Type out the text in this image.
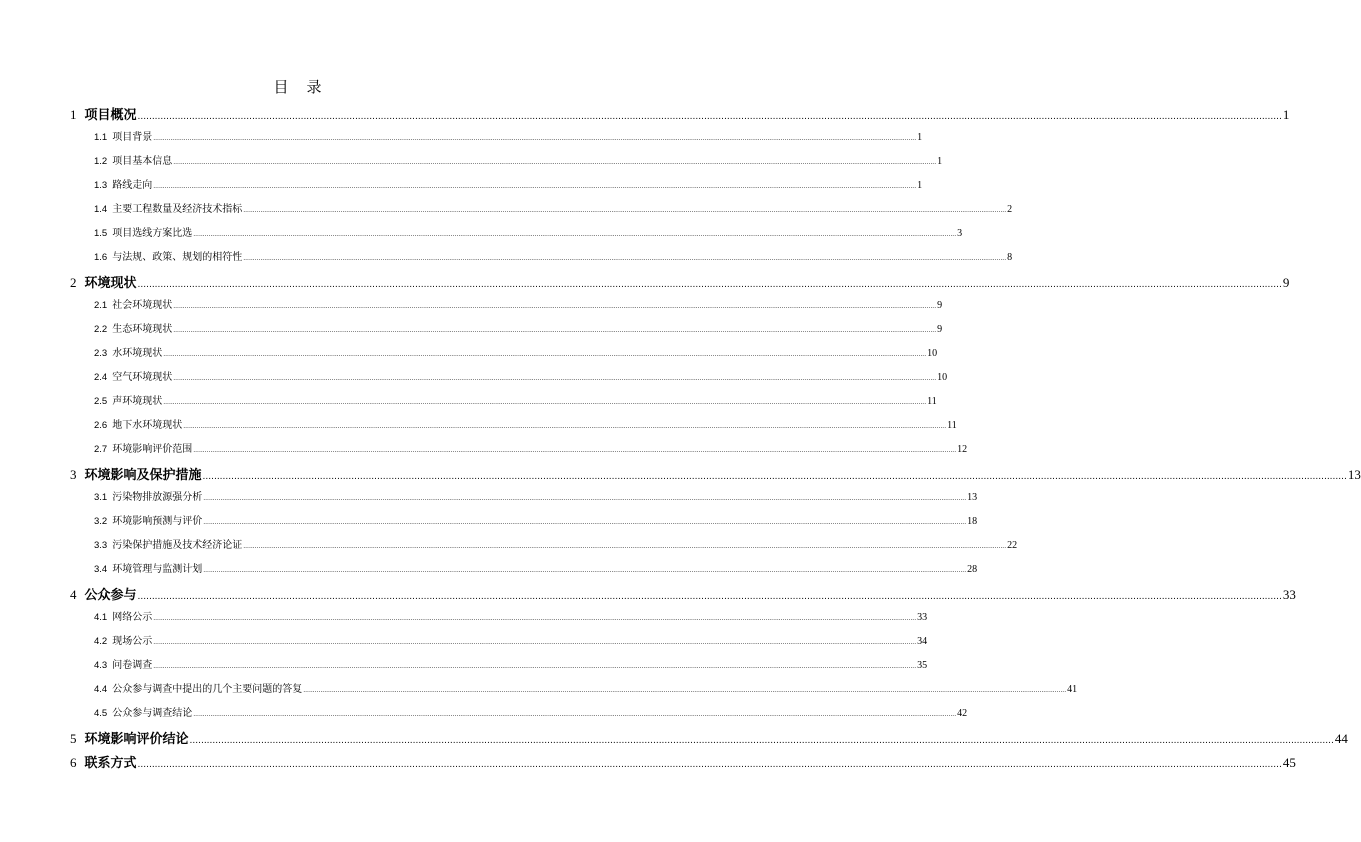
目 录
1 项目概况 ................................................................................................................................................................................................................................................................................................................................................................................................................ 1
1.1 项目背景 ................................................................................................................................................................................................................................................................................................................................................................................................................ 1
1.2 项目基本信息 ................................................................................................................................................................................................................................................................................................................................................................................................................ 1
1.3 路线走向 ................................................................................................................................................................................................................................................................................................................................................................................................................ 1
1.4 主要工程数量及经济技术指标 ................................................................................................................................................................................................................................................................................................................................................................................................................ 2
1.5 项目选线方案比选 ................................................................................................................................................................................................................................................................................................................................................................................................................ 3
1.6 与法规、政策、规划的相符性 ................................................................................................................................................................................................................................................................................................................................................................................................................ 8
2 环境现状 ................................................................................................................................................................................................................................................................................................................................................................................................................ 9
2.1 社会环境现状 ................................................................................................................................................................................................................................................................................................................................................................................................................ 9
2.2 生态环境现状 ................................................................................................................................................................................................................................................................................................................................................................................................................ 9
2.3 水环境现状 ................................................................................................................................................................................................................................................................................................................................................................................................................ 10
2.4 空气环境现状 ................................................................................................................................................................................................................................................................................................................................................................................................................ 10
2.5 声环境现状 ................................................................................................................................................................................................................................................................................................................................................................................................................ 11
2.6 地下水环境现状 ................................................................................................................................................................................................................................................................................................................................................................................................................ 11
2.7 环境影响评价范围 ................................................................................................................................................................................................................................................................................................................................................................................................................ 12
3 环境影响及保护措施 ................................................................................................................................................................................................................................................................................................................................................................................................................ 13
3.1 污染物排放源强分析 ................................................................................................................................................................................................................................................................................................................................................................................................................ 13
3.2 环境影响预测与评价 ................................................................................................................................................................................................................................................................................................................................................................................................................ 18
3.3 污染保护措施及技术经济论证 ................................................................................................................................................................................................................................................................................................................................................................................................................ 22
3.4 环境管理与监测计划 ................................................................................................................................................................................................................................................................................................................................................................................................................ 28
4 公众参与 ................................................................................................................................................................................................................................................................................................................................................................................................................ 33
4.1 网络公示 ................................................................................................................................................................................................................................................................................................................................................................................................................ 33
4.2 现场公示 ................................................................................................................................................................................................................................................................................................................................................................................................................ 34
4.3 问卷调查 ................................................................................................................................................................................................................................................................................................................................................................................................................ 35
4.4 公众参与调查中提出的几个主要问题的答复 ................................................................................................................................................................................................................................................................................................................................................................................................................ 41
4.5 公众参与调查结论 ................................................................................................................................................................................................................................................................................................................................................................................................................ 42
5 环境影响评价结论 ................................................................................................................................................................................................................................................................................................................................................................................................................ 44
6 联系方式 ................................................................................................................................................................................................................................................................................................................................................................................................................ 45
